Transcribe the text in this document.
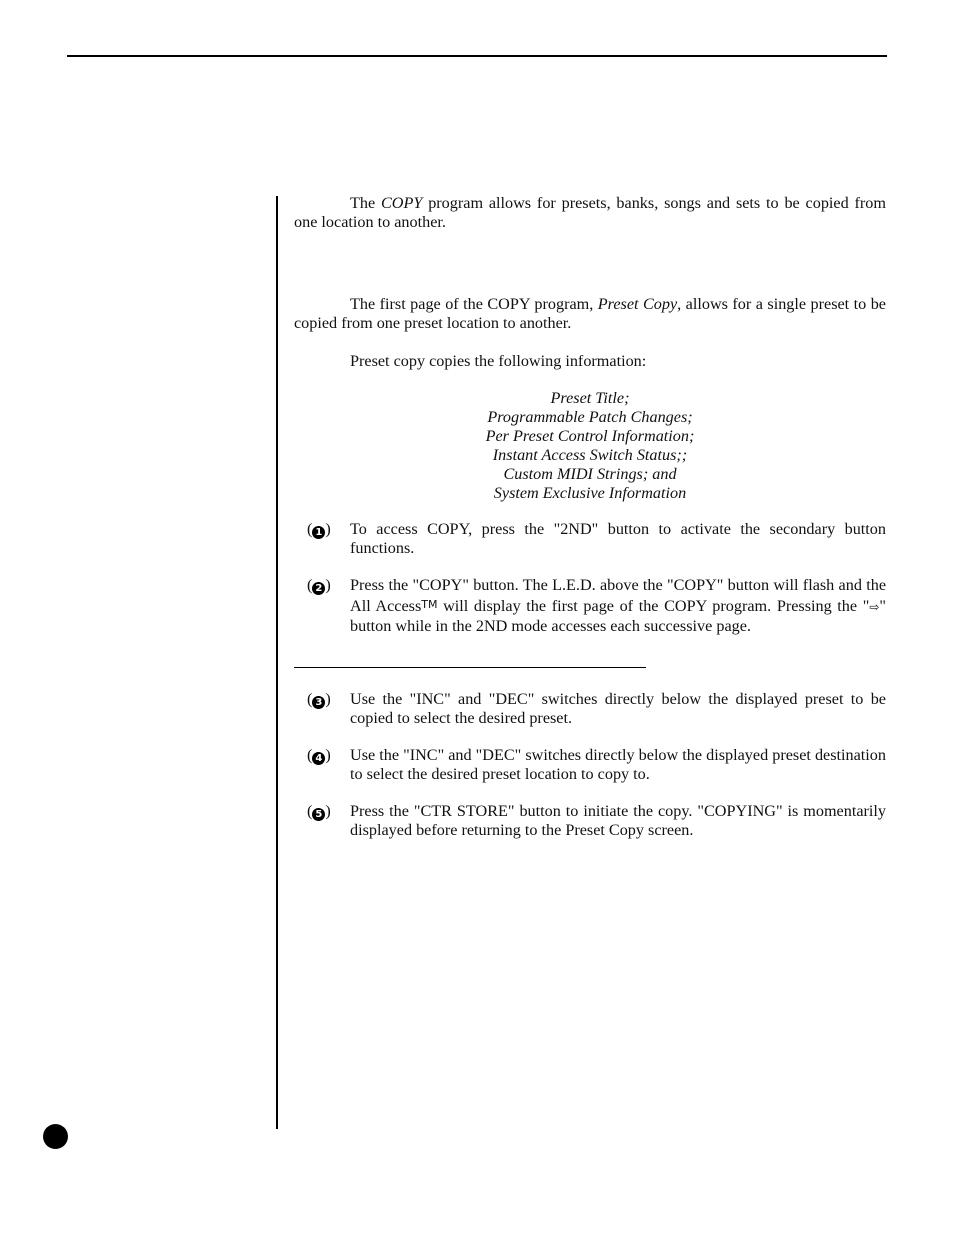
The COPY program allows for presets, banks, songs and sets to be copied from one location to another.

The first page of the COPY program, Preset Copy, allows for a single preset to be copied from one preset location to another.

Preset copy copies the following information:

Preset Title;
Programmable Patch Changes;
Per Preset Control Information;
Instant Access Switch Status;;
Custom MIDI Strings; and
System Exclusive Information
( 1 ) To access COPY, press the "2ND" button to activate the secondary button functions.
( 2 ) Press the "COPY" button. The L.E.D. above the "COPY" button will flash and the All AccessTM will display the first page of the COPY program. Pressing the "⇨" button while in the 2ND mode accesses each successive page.
( 3 ) Use the "INC" and "DEC" switches directly below the displayed preset to be copied to select the desired preset.
( 4 ) Use the "INC" and "DEC" switches directly below the displayed preset destination to select the desired preset location to copy to.
( 5 ) Press the "CTR STORE" button to initiate the copy. "COPYING" is momentarily displayed before returning to the Preset Copy screen.
